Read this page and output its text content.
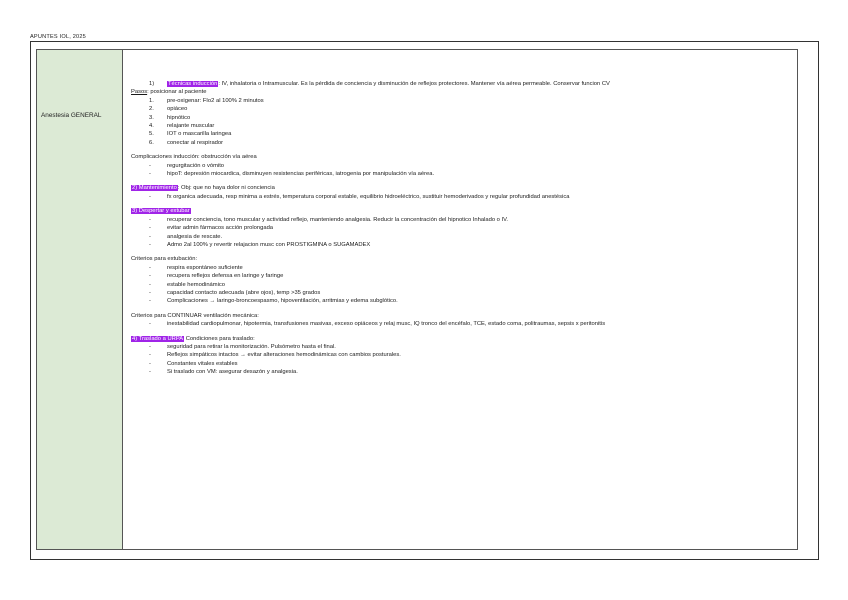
APUNTES IOL, 2025
Anestesia GENERAL
1) Técnicas inducción: IV, inhalatoria o Intramuscular. Es la pérdida de conciencia y disminución de reflejos protectores. Mantener vía aérea permeable. Conservar funcion CV
Pasos: posicionar al paciente
1. pre-oxigenar: FIo2 al 100% 2 minutos
2. opiáceo
3. hipnótico
4. relajante muscular
5. IOT o mascarilla laringea
6. conectar al respirador
Complicaciones inducción: obstrucción vía aérea
-	regurgitación o vómito
-	hipoT: depresión miocardica, disminuyen resistencias periféricas, iatrogenia por manipulación vía aérea.
2) Mantenimiento: Obj: que no haya dolor ni conciencia
-	fx organica adecuada, resp minima a estrés, temperatura corporal estable, equilibrio hidroeléctrico, sustituir hemoderivados y regular profundidad anestésica
3) Despertar y extubar
-	recuperar conciencia, tono muscular y actividad reflejo, manteniendo analgesia. Reducir la concentración del hipnotico Inhalado o IV.
-	evitar admin fármacos acción prolongada
-	analgesia de rescate.
-	Admo 2al 100% y revertir relajacion musc con PROSTIGMINA o SUGAMADEX
Criterios para extubación:
-	respira espontáneo suficiente
-	recupera reflejos defensa en laringe y faringe
-	estable hemodinámico
-	capacidad contacto adecuada (abre ojos), temp >35 grados
-	Complicaciones → laringo-broncoespasmo, hipoventilación, arritmias y edema subglótico.
Criterios para CONTINUAR ventilación mecánica:
-	inestabilidad cardiopulmonar, hipotermia, transfusiones masivas, exceso opiáceos y relaj musc, IQ tronco del encéfalo, TCE, estado coma, politraumas, sepsis x peritonitis
4) Traslado a URPA Condiciones para traslado:
-	seguridad para retirar la monitorización. Pulsómetro hasta el final.
-	Reflejos simpáticos intactos → evitar alteraciones hemodinámicas con cambios posturales.
-	Constantes vitales estables
-	Si traslado con VM: asegurar desazón y analgesia.
